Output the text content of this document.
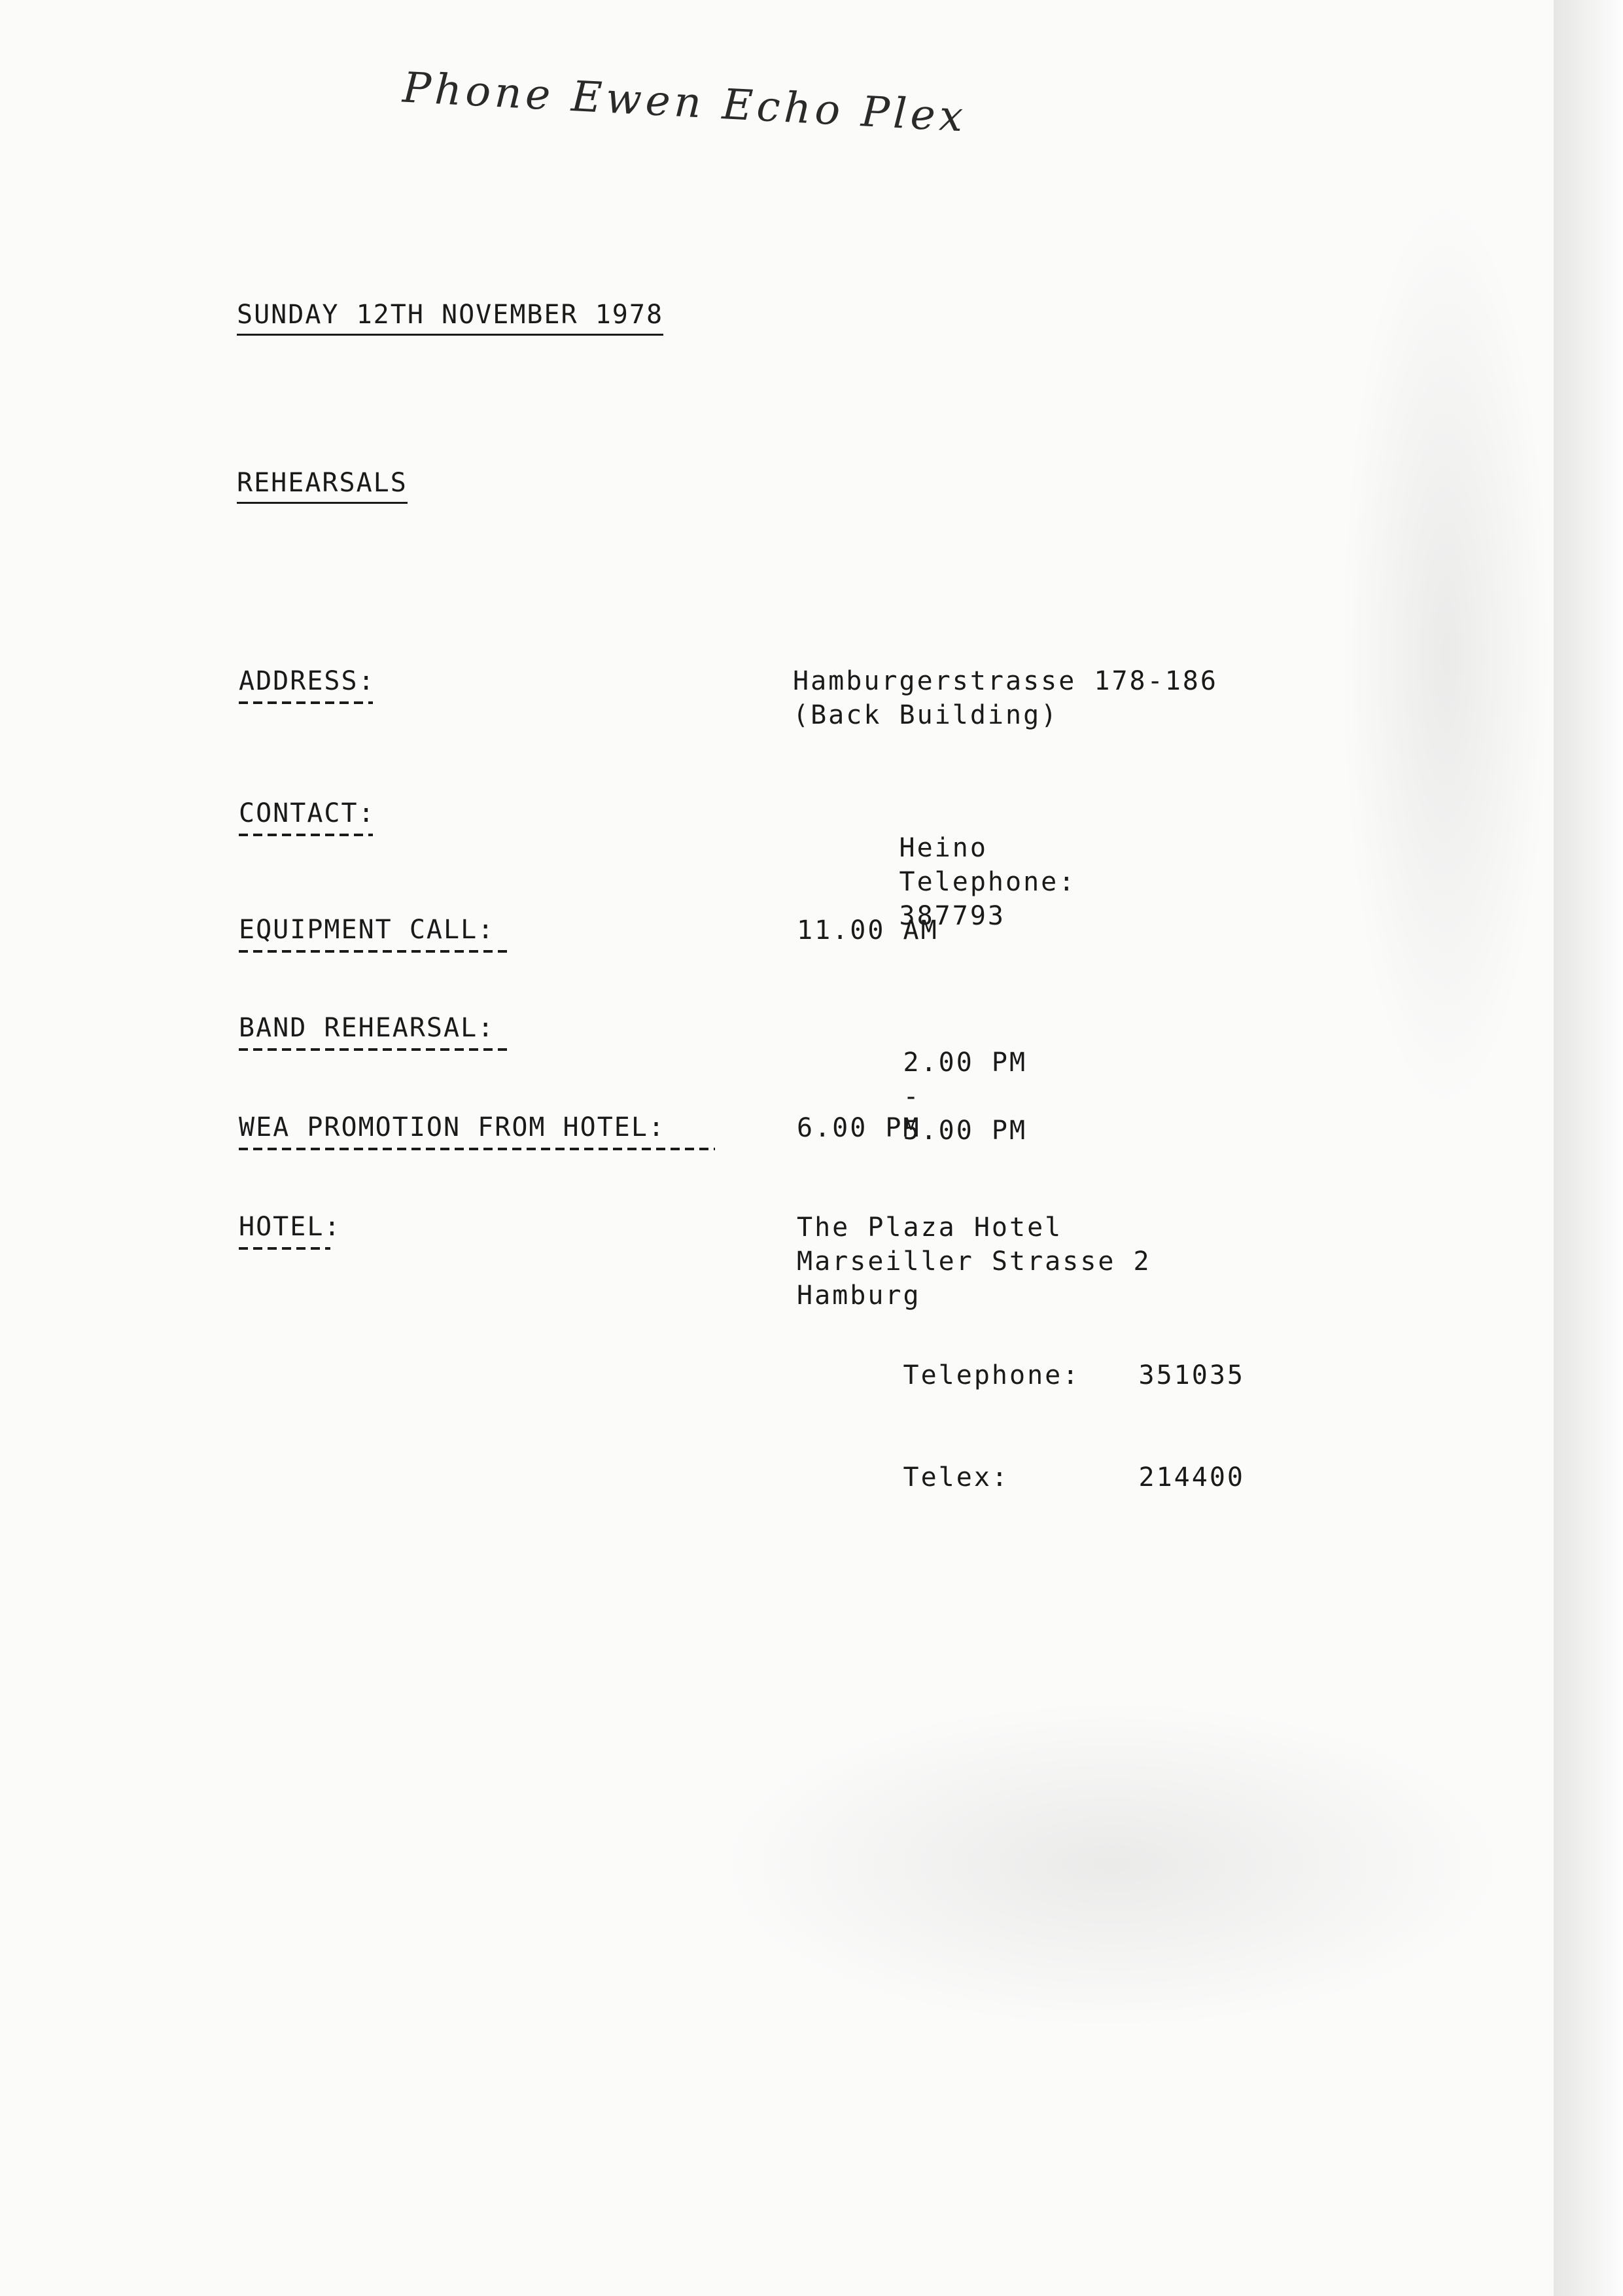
Phone Ewen Echo Plex
SUNDAY 12TH NOVEMBER 1978
REHEARSALS
ADDRESS:	Hamburgerstrasse 178-186
(Back Building)
CONTACT:

Heino
Telephone:
387793

EQUIPMENT CALL:	11.00 AM
BAND REHEARSAL:

2.00 PM
-
5.00 PM

WEA PROMOTION FROM HOTEL:	6.00 PM
HOTEL:	The Plaza Hotel
Marseiller Strasse 2
Hamburg

Telephone: 351035

Telex:	214400
